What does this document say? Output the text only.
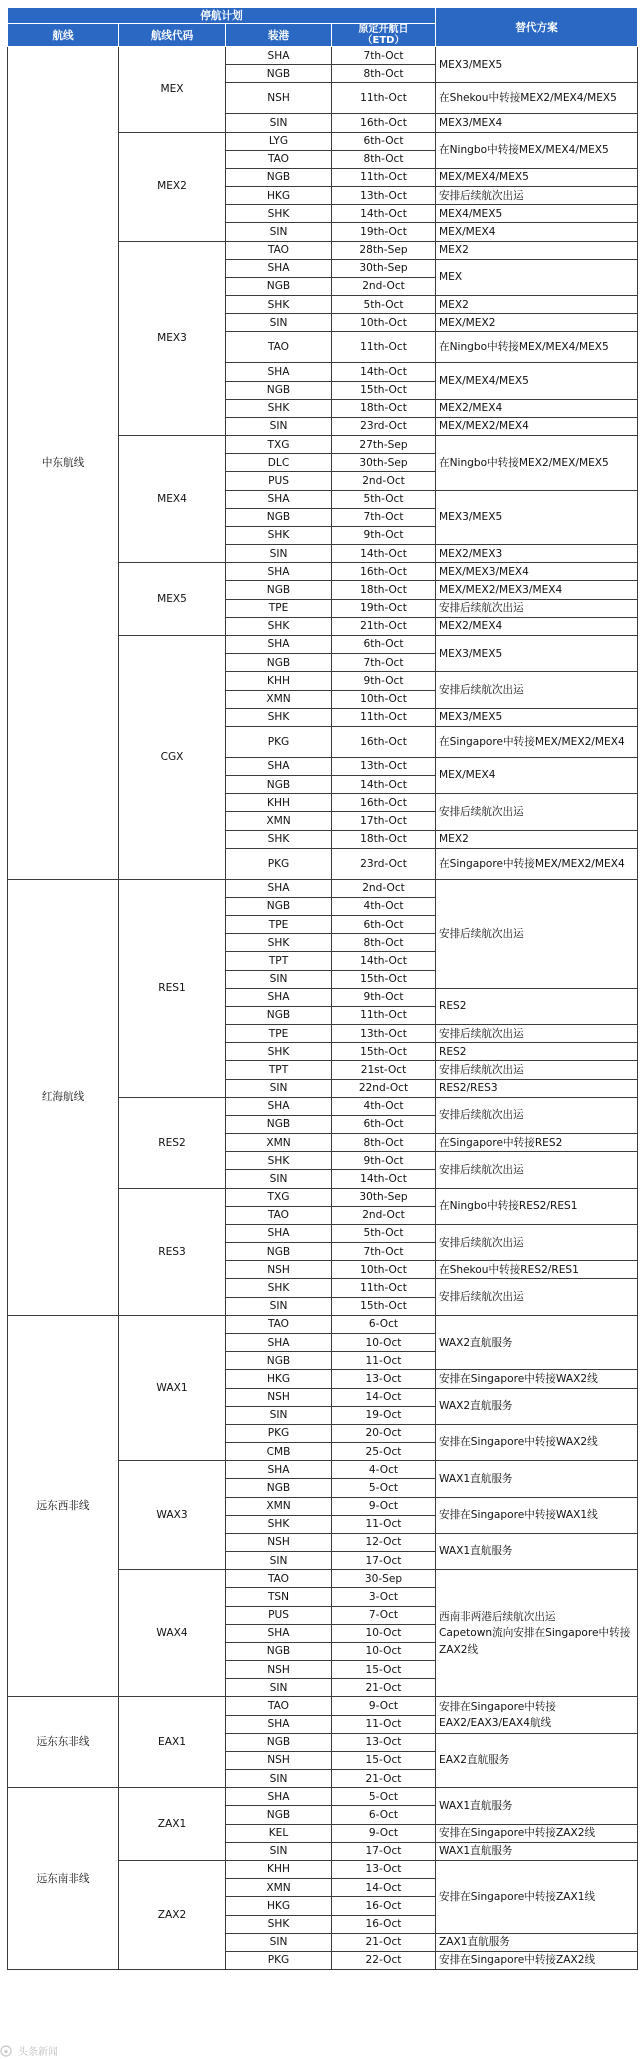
停航计划				替代方案
航线	航线代码	装港	原定开航日
（ETD）	
中东航线	MEX	SHA	7th-Oct	MEX3/MEX5
		NGB	8th-Oct	
		NSH	11th-Oct	在Shekou中转接MEX2/MEX4/MEX5
		SIN	16th-Oct	MEX3/MEX4
	MEX2	LYG	6th-Oct	在Ningbo中转接MEX/MEX4/MEX5
		TAO	8th-Oct	
		NGB	11th-Oct	MEX/MEX4/MEX5
		HKG	13th-Oct	安排后续航次出运
		SHK	14th-Oct	MEX4/MEX5
		SIN	19th-Oct	MEX/MEX4
	MEX3	TAO	28th-Sep	MEX2
		SHA	30th-Sep	MEX
		NGB	2nd-Oct	
		SHK	5th-Oct	MEX2
		SIN	10th-Oct	MEX/MEX2
		TAO	11th-Oct	在Ningbo中转接MEX/MEX4/MEX5
		SHA	14th-Oct	MEX/MEX4/MEX5
		NGB	15th-Oct	
		SHK	18th-Oct	MEX2/MEX4
		SIN	23rd-Oct	MEX/MEX2/MEX4
	MEX4	TXG	27th-Sep	在Ningbo中转接MEX2/MEX/MEX5
		DLC	30th-Sep	
		PUS	2nd-Oct	
		SHA	5th-Oct	MEX3/MEX5
		NGB	7th-Oct	
		SHK	9th-Oct	
		SIN	14th-Oct	MEX2/MEX3
	MEX5	SHA	16th-Oct	MEX/MEX3/MEX4
		NGB	18th-Oct	MEX/MEX2/MEX3/MEX4
		TPE	19th-Oct	安排后续航次出运
		SHK	21th-Oct	MEX2/MEX4
	CGX	SHA	6th-Oct	MEX3/MEX5
		NGB	7th-Oct	
		KHH	9th-Oct	安排后续航次出运
		XMN	10th-Oct	
		SHK	11th-Oct	MEX3/MEX5
		PKG	16th-Oct	在Singapore中转接MEX/MEX2/MEX4
		SHA	13th-Oct	MEX/MEX4
		NGB	14th-Oct	
		KHH	16th-Oct	安排后续航次出运
		XMN	17th-Oct	
		SHK	18th-Oct	MEX2
		PKG	23rd-Oct	在Singapore中转接MEX/MEX2/MEX4
红海航线	RES1	SHA	2nd-Oct	安排后续航次出运
		NGB	4th-Oct	
		TPE	6th-Oct	
		SHK	8th-Oct	
		TPT	14th-Oct	
		SIN	15th-Oct	
		SHA	9th-Oct	RES2
		NGB	11th-Oct	
		TPE	13th-Oct	安排后续航次出运
		SHK	15th-Oct	RES2
		TPT	21st-Oct	安排后续航次出运
		SIN	22nd-Oct	RES2/RES3
	RES2	SHA	4th-Oct	安排后续航次出运
		NGB	6th-Oct	
		XMN	8th-Oct	在Singapore中转接RES2
		SHK	9th-Oct	安排后续航次出运
		SIN	14th-Oct	
	RES3	TXG	30th-Sep	在Ningbo中转接RES2/RES1
		TAO	2nd-Oct	
		SHA	5th-Oct	安排后续航次出运
		NGB	7th-Oct	
		NSH	10th-Oct	在Shekou中转接RES2/RES1
		SHK	11th-Oct	安排后续航次出运
		SIN	15th-Oct	
远东西非线	WAX1	TAO	6-Oct	WAX2直航服务
		SHA	10-Oct	
		NGB	11-Oct	
		HKG	13-Oct	安排在Singapore中转接WAX2线
		NSH	14-Oct	WAX2直航服务
		SIN	19-Oct	
		PKG	20-Oct	安排在Singapore中转接WAX2线
		CMB	25-Oct	
	WAX3	SHA	4-Oct	WAX1直航服务
		NGB	5-Oct	
		XMN	9-Oct	安排在Singapore中转接WAX1线
		SHK	11-Oct	
		NSH	12-Oct	WAX1直航服务
		SIN	17-Oct	
	WAX4	TAO	30-Sep	西南非两港后续航次出运
Capetown流向安排在Singapore中转接ZAX2线
		TSN	3-Oct	
		PUS	7-Oct	
		SHA	10-Oct	
		NGB	10-Oct	
		NSH	15-Oct	
		SIN	21-Oct	
远东东非线	EAX1	TAO	9-Oct	安排在Singapore中转接
EAX2/EAX3/EAX4航线
		SHA	11-Oct	
		NGB	13-Oct	EAX2直航服务
		NSH	15-Oct	
		SIN	21-Oct	
远东南非线	ZAX1	SHA	5-Oct	WAX1直航服务
		NGB	6-Oct	
		KEL	9-Oct	安排在Singapore中转接ZAX2线
		SIN	17-Oct	WAX1直航服务
	ZAX2	KHH	13-Oct	安排在Singapore中转接ZAX1线
		XMN	14-Oct	
		HKG	16-Oct	
		SHK	16-Oct	
		SIN	21-Oct	ZAX1直航服务
		PKG	22-Oct	安排在Singapore中转接ZAX2线
头条新闻
